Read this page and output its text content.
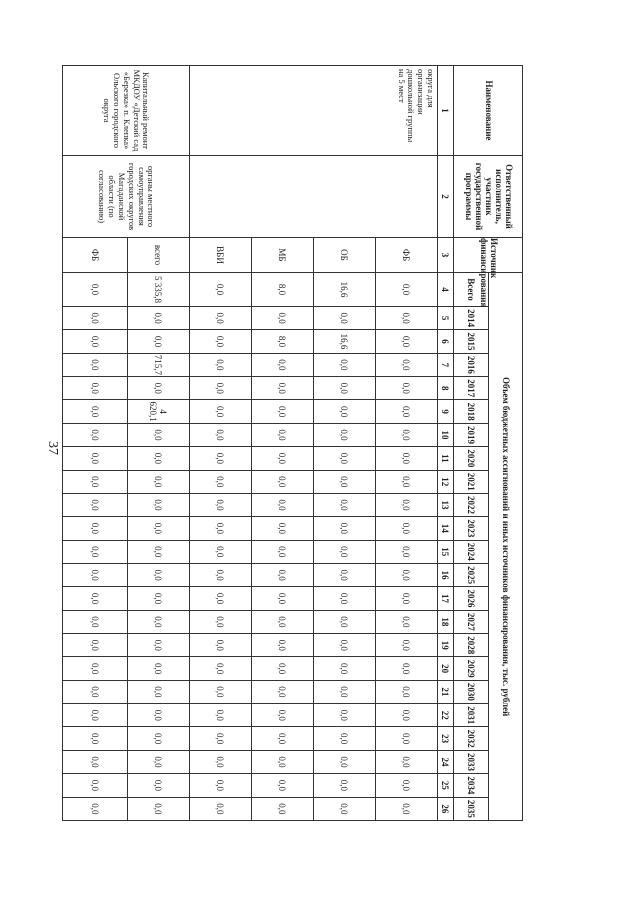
37
Наименование	Ответственный исполнитель, участник государственной программы	Источник финансирования	Объем бюджетных ассигнований и иных источников финансирования, тыс. рублей																						
			Всего	2014	2015	2016	2017	2018	2019	2020	2021	2022	2023	2024	2025	2026	2027	2028	2029	2030	2031	2032	2033	2034	2035

1	2	3	4	5	6	7	8	9	10	11	12	13	14	15	16	17	18	19	20	21	22	23	24	25	26
округа для организации дошкольной группы на 5 мест		ФБ	0,0	0,0	0,0	0,0	0,0	0,0	0,0	0,0	0,0	0,0	0,0	0,0	0,0	0,0	0,0	0,0	0,0	0,0	0,0	0,0	0,0	0,0	0,0
		ОБ	16,6	0,0	16,6	0,0	0,0	0,0	0,0	0,0	0,0	0,0	0,0	0,0	0,0	0,0	0,0	0,0	0,0	0,0	0,0	0,0	0,0	0,0	0,0
		МБ	8,0	0,0	8,0	0,0	0,0	0,0	0,0	0,0	0,0	0,0	0,0	0,0	0,0	0,0	0,0	0,0	0,0	0,0	0,0	0,0	0,0	0,0	0,0
		ВБИ	0,0	0,0	0,0	0,0	0,0	0,0	0,0	0,0	0,0	0,0	0,0	0,0	0,0	0,0	0,0	0,0	0,0	0,0	0,0	0,0	0,0	0,0	0,0
Капитальный ремонт МКДОУ «Детский сад «Березка» п. Клепка» Ольского городского округа	органы местного самоуправления городских округов Магаданской области (по согласованию)	всего	5 335,8	0,0	0,0	715,7	0,0	4 620,1	0,0	0,0	0,0	0,0	0,0	0,0	0,0	0,0	0,0	0,0	0,0	0,0	0,0	0,0	0,0	0,0	0,0
		ФБ	0,0	0,0	0,0	0,0	0,0	0,0	0,0	0,0	0,0	0,0	0,0	0,0	0,0	0,0	0,0	0,0	0,0	0,0	0,0	0,0	0,0	0,0	0,0
